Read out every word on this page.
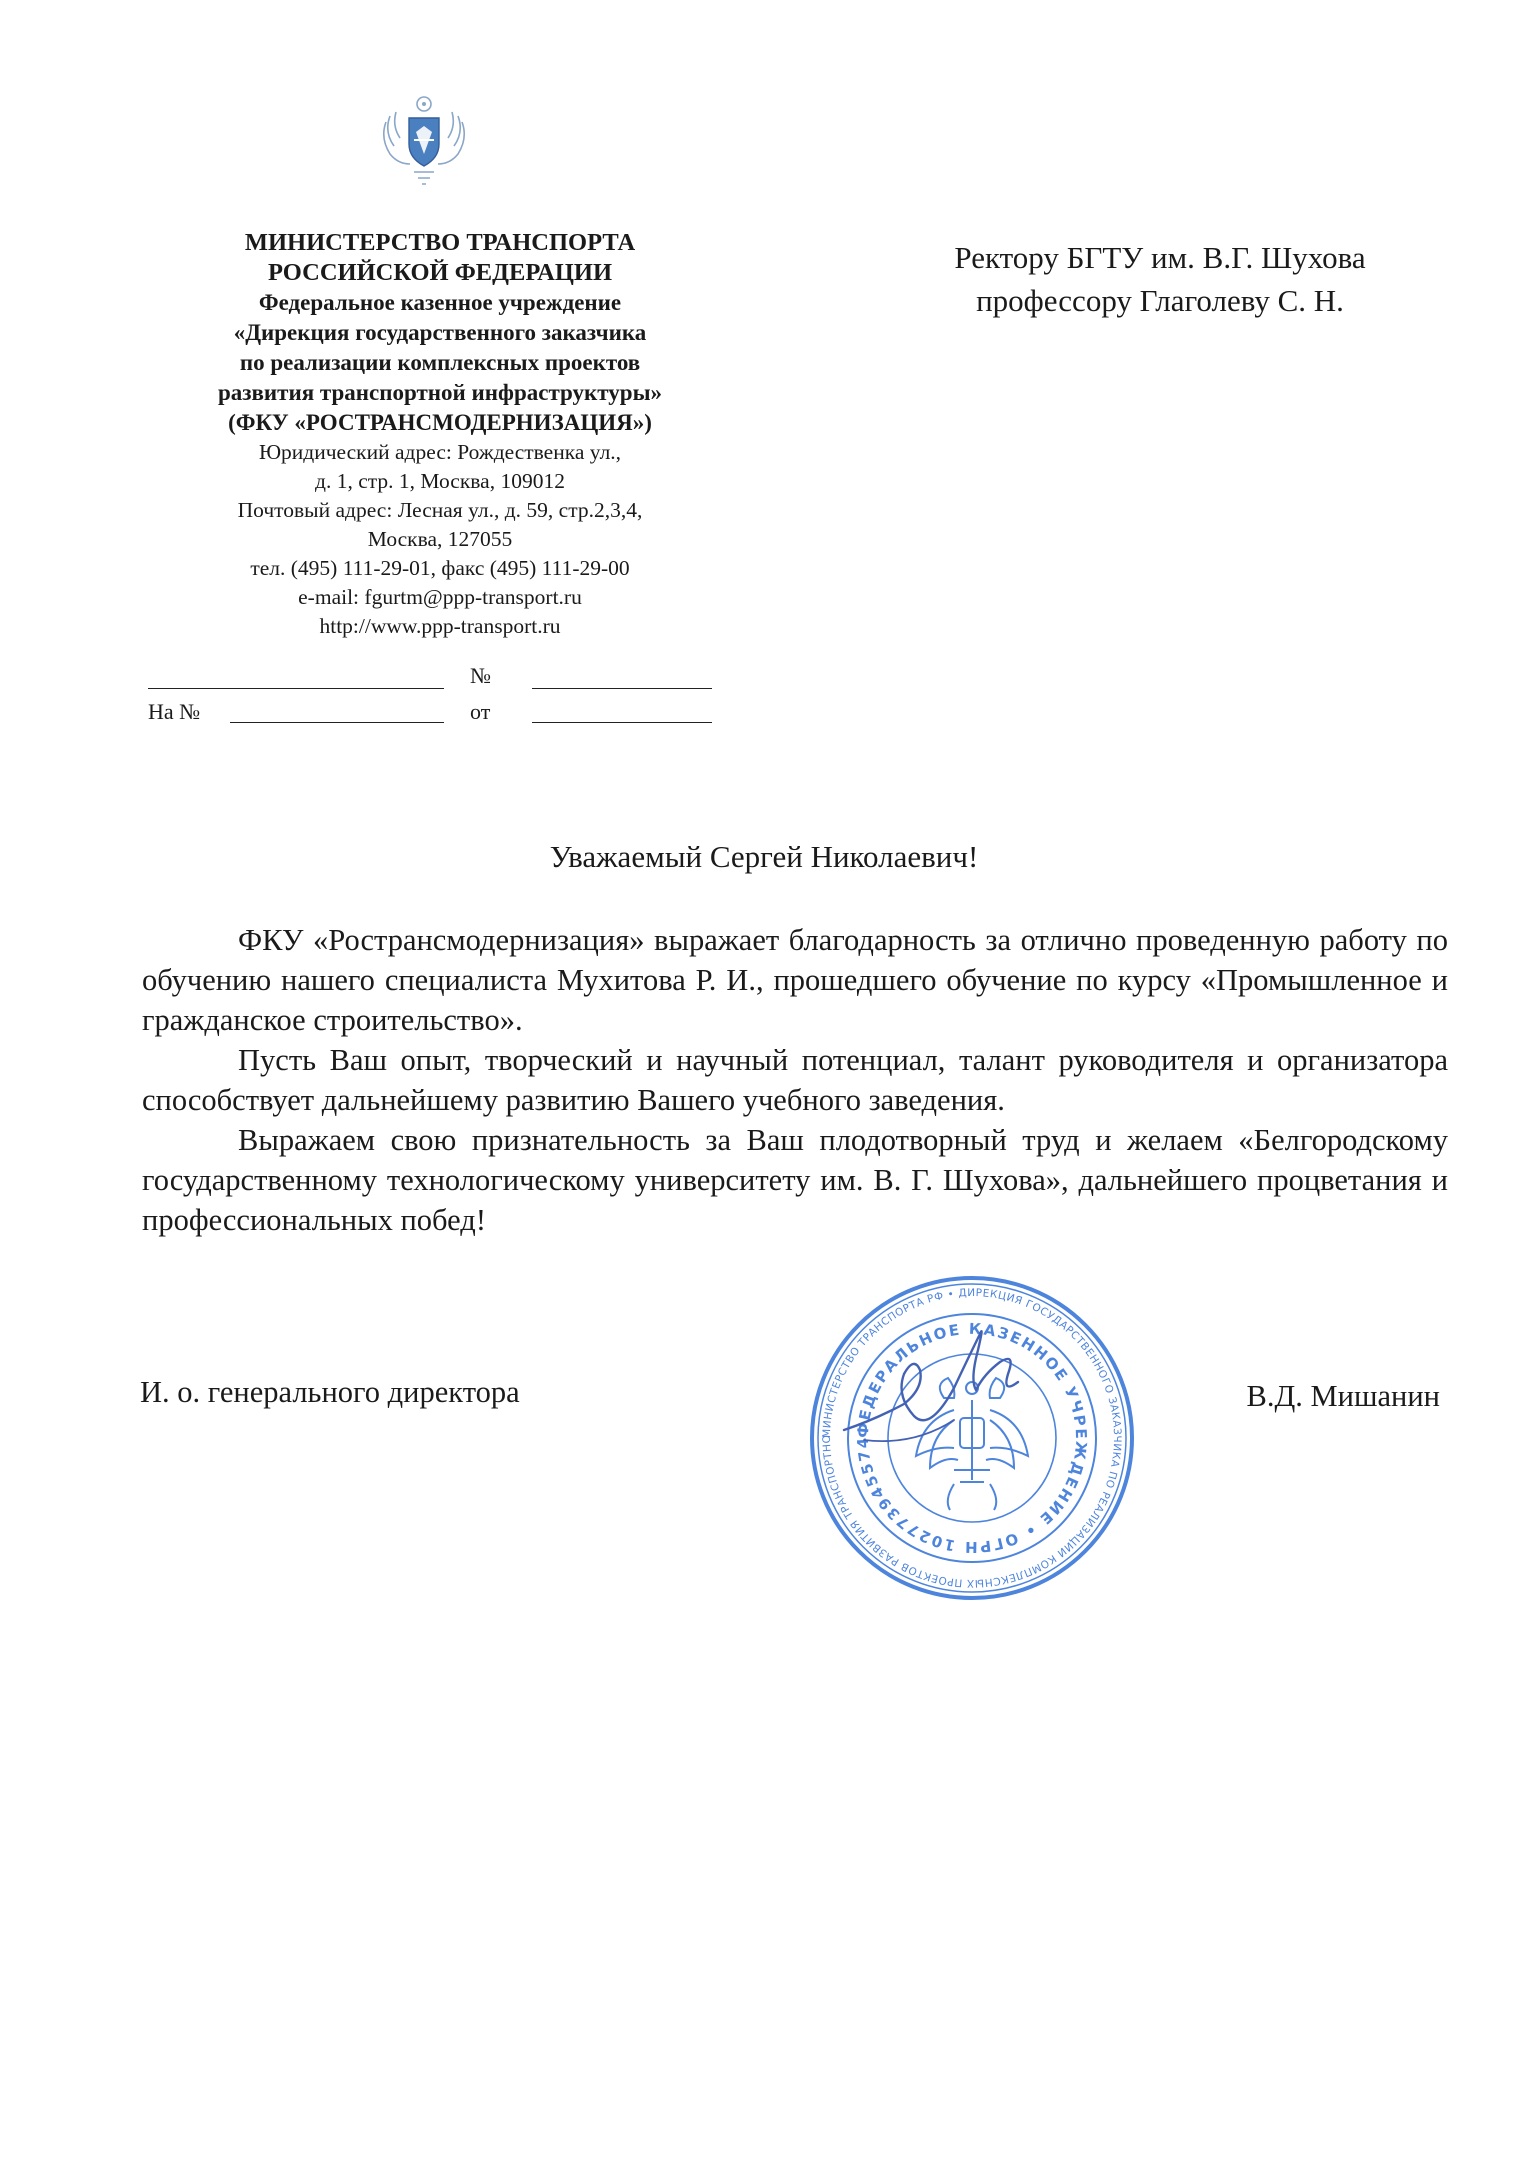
МИНИСТЕРСТВО ТРАНСПОРТА
РОССИЙСКОЙ ФЕДЕРАЦИИ
Федеральное казенное учреждение
«Дирекция государственного заказчика
по реализации комплексных проектов
развития транспортной инфраструктуры»
(ФКУ «РОСТРАНСМОДЕРНИЗАЦИЯ»)
Юридический адрес: Рождественка ул.,
д. 1, стр. 1, Москва, 109012
Почтовый адрес: Лесная ул., д. 59, стр.2,3,4,
Москва, 127055
тел. (495) 111-29-01, факс (495) 111-29-00
e-mail: fgurtm@ppp-transport.ru
http://www.ppp-transport.ru
№
На №	от
Ректору БГТУ им. В.Г. Шухова
профессору Глаголеву С. Н.
Уважаемый Сергей Николаевич!

ФКУ «Ространсмодернизация» выражает благодарность за отлично проведенную работу по обучению нашего специалиста Мухитова Р. И., прошедшего обучение по курсу «Промышленное и гражданское строительство».

Пусть Ваш опыт, творческий и научный потенциал, талант руководителя и организатора способствует дальнейшему развитию Вашего учебного заведения.

Выражаем свою признательность за Ваш плодотворный труд и желаем «Белгородскому государственному технологическому университету им. В. Г. Шухова», дальнейшего процветания и профессиональных побед!

И. о. генерального директора	В.Д. Мишанин
МИНИСТЕРСТВО ТРАНСПОРТА РФ • ДИРЕКЦИЯ ГОСУДАРСТВЕННОГО ЗАКАЗЧИКА ПО РЕАЛИЗАЦИИ КОМПЛЕКСНЫХ ПРОЕКТОВ РАЗВИТИЯ ТРАНСПОРТНО
ФЕДЕРАЛЬНОЕ КАЗЕННОЕ УЧРЕЖДЕНИЕ • ОГРН 102773945574
